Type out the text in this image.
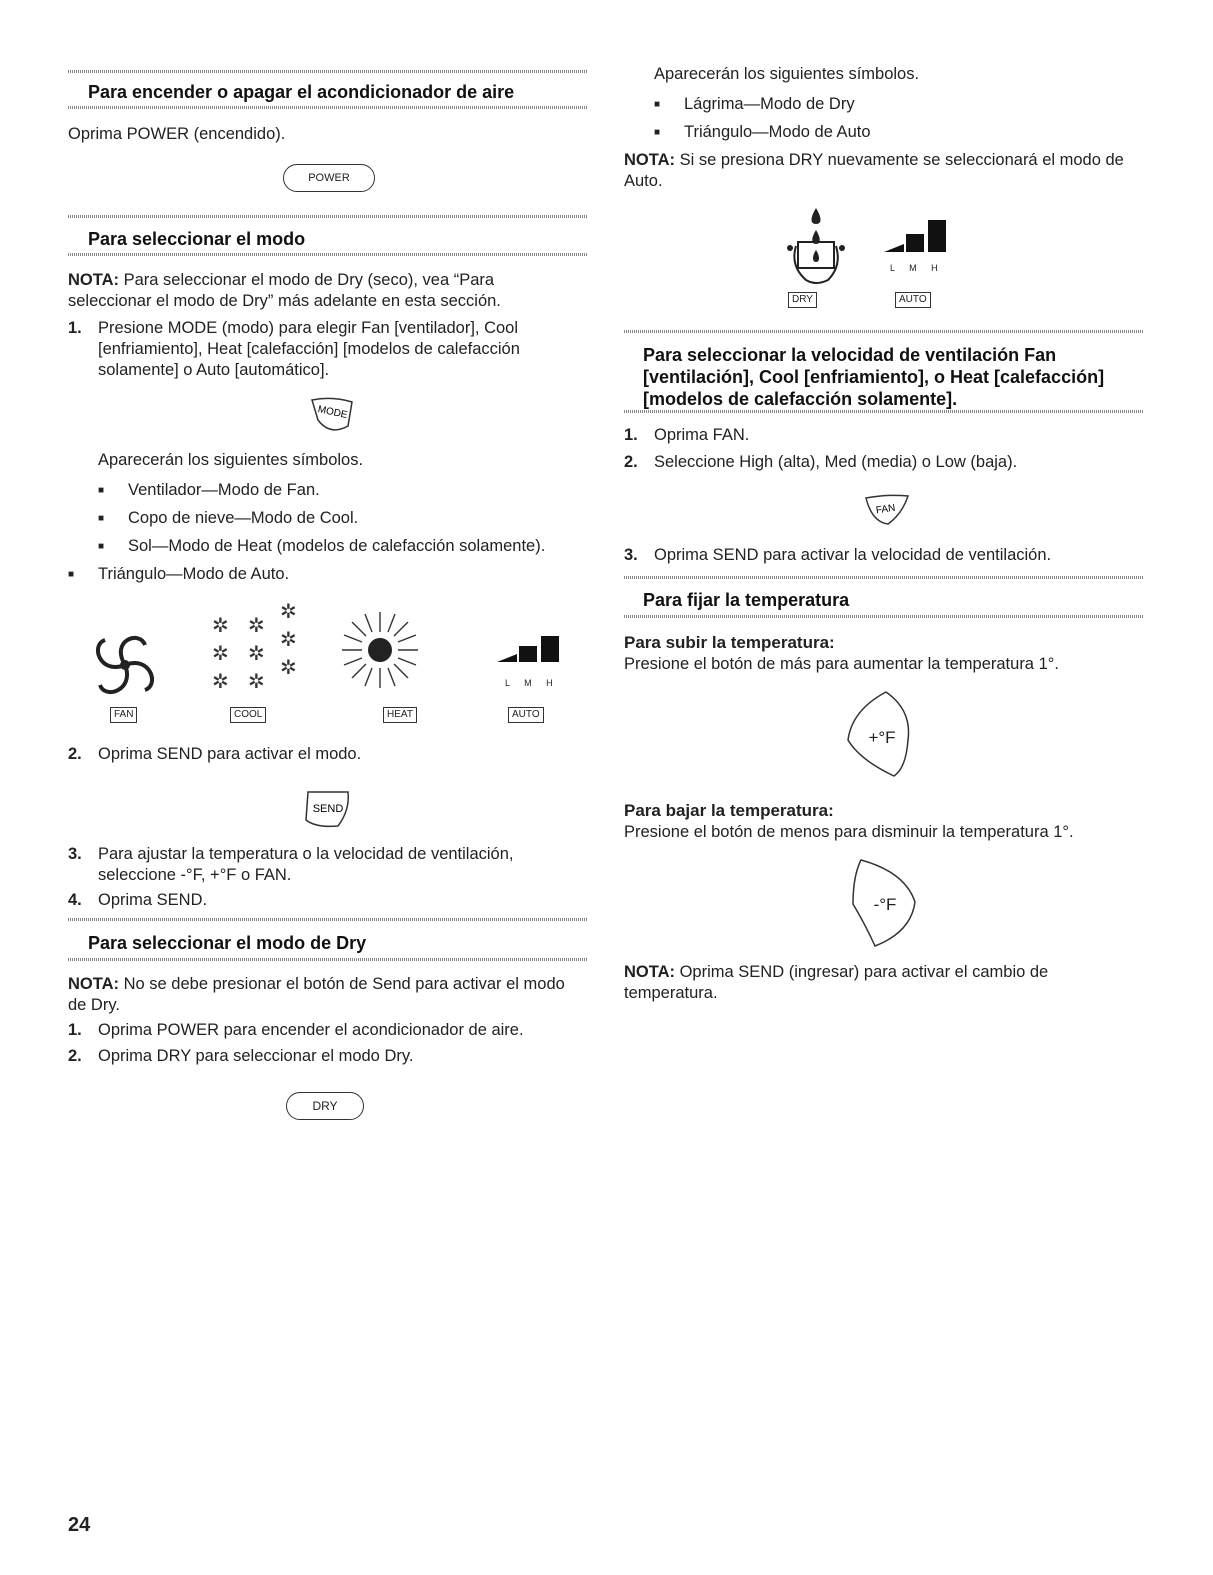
Para encender o apagar el acondicionador de aire
Oprima POWER (encendido).
POWER
Para seleccionar el modo
NOTA: Para seleccionar el modo de Dry (seco), vea “Para seleccionar el modo de Dry” más adelante en esta sección.
1. Presione MODE (modo) para elegir Fan [ventilador], Cool [enfriamiento], Heat [calefacción] [modelos de calefacción solamente] o Auto [automático].
MODE
Aparecerán los siguientes símbolos.
■ Ventilador—Modo de Fan.
■ Copo de nieve—Modo de Cool.
■ Sol—Modo de Heat (modelos de calefacción solamente).
■ Triángulo—Modo de Auto.
✲ ✲
✲
✲ ✲
✲
✲ ✲
✲
L M H
FAN	COOL	HEAT	AUTO
2. Oprima SEND para activar el modo.
SEND
3. Para ajustar la temperatura o la velocidad de ventilación, seleccione -°F, +°F o FAN.
4. Oprima SEND.
Para seleccionar el modo de Dry
NOTA: No se debe presionar el botón de Send para activar el modo de Dry.
1. Oprima POWER para encender el acondicionador de aire.
2. Oprima DRY para seleccionar el modo Dry.
DRY
Aparecerán los siguientes símbolos.
■ Lágrima—Modo de Dry
■ Triángulo—Modo de Auto
NOTA: Si se presiona DRY nuevamente se seleccionará el modo de Auto.
L M H
DRY	AUTO
Para seleccionar la velocidad de ventilación Fan [ventilación], Cool [enfriamiento], o Heat [calefacción] [modelos de calefacción solamente].
1. Oprima FAN.
2. Seleccione High (alta), Med (media) o Low (baja).
FAN
3. Oprima SEND para activar la velocidad de ventilación.
Para fijar la temperatura
Para subir la temperatura:
Presione el botón de más para aumentar la temperatura 1°.
+°F
Para bajar la temperatura:
Presione el botón de menos para disminuir la temperatura 1°.
-°F
NOTA: Oprima SEND (ingresar) para activar el cambio de temperatura.
24
